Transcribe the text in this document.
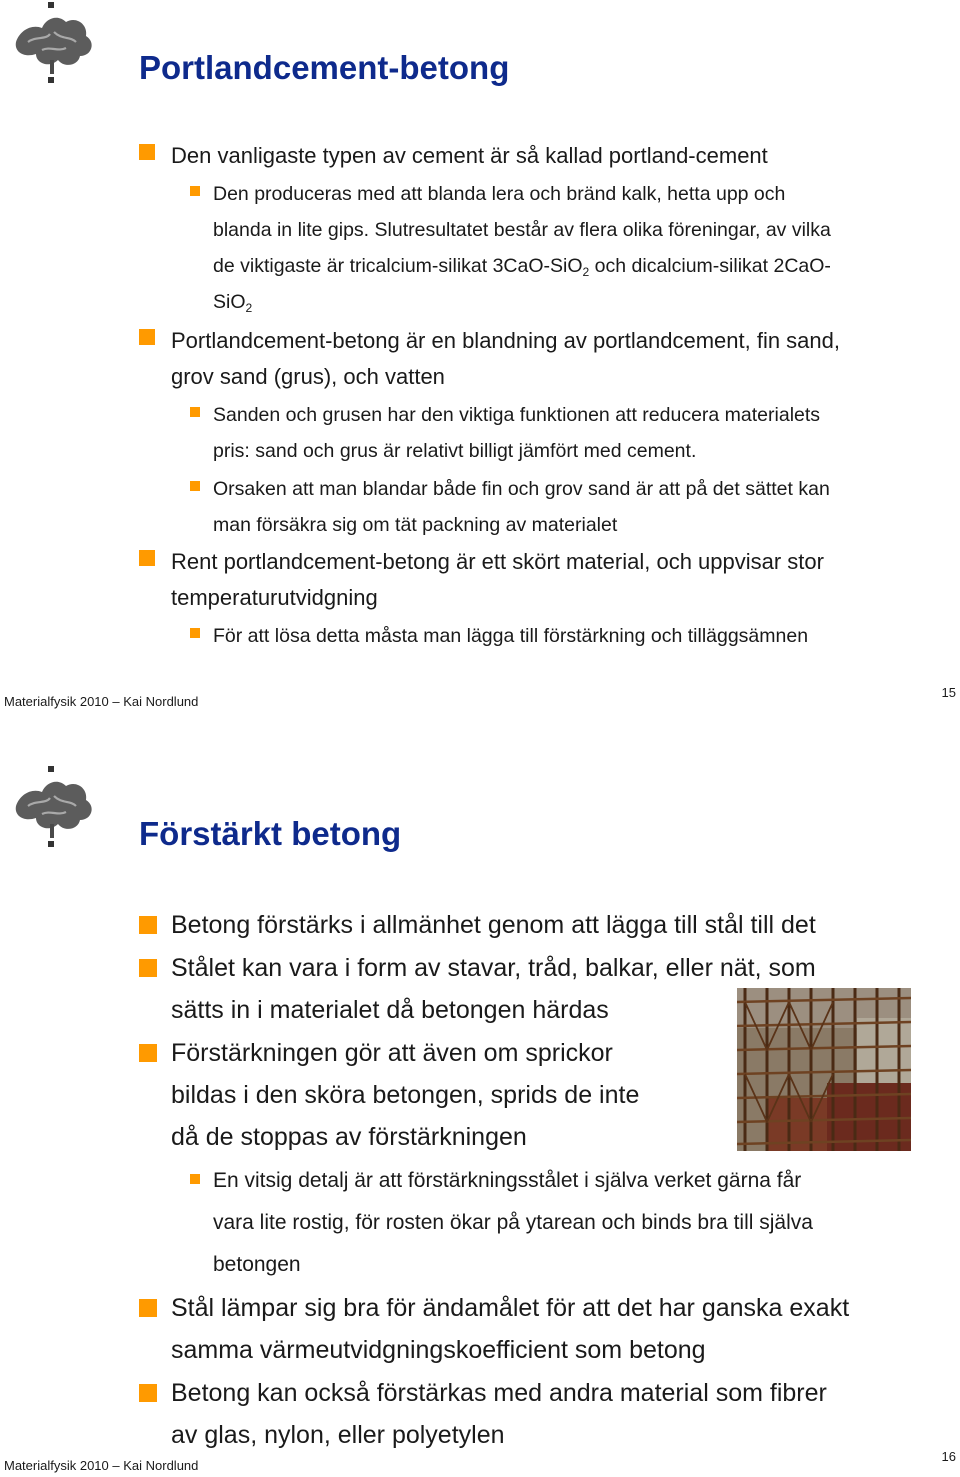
Portlandcement-betong
Den vanligaste typen av cement är så kallad portland-cement
Den produceras med att blanda lera och bränd kalk, hetta upp och
blanda in lite gips. Slutresultatet består av flera olika föreningar, av vilka
de viktigaste är tricalcium-silikat 3CaO-SiO$_2$ och dicalcium-silikat 2CaO-
SiO$_2$
Portlandcement-betong är en blandning av portlandcement, fin sand,
grov sand (grus), och vatten
Sanden och grusen har den viktiga funktionen att reducera materialets
pris: sand och grus är relativt billigt jämfört med cement.
Orsaken att man blandar både fin och grov sand är att på det sättet kan
man försäkra sig om tät packning av materialet
Rent portlandcement-betong är ett skört material, och uppvisar stor
temperaturutvidgning
För att lösa detta måsta man lägga till förstärkning och tilläggsämnen
Materialfysik 2010 – Kai Nordlund
15
Förstärkt betong
Betong förstärks i allmänhet genom att lägga till stål till det
Stålet kan vara i form av stavar, tråd, balkar, eller nät, som
sätts in i materialet då betongen härdas
Förstärkningen gör att även om sprickor
bildas i den sköra betongen, sprids de inte
då de stoppas av förstärkningen
En vitsig detalj är att förstärkningsstålet i själva verket gärna får
vara lite rostig, för rosten ökar på ytarean och binds bra till själva
betongen
Stål lämpar sig bra för ändamålet för att det har ganska exakt
samma värmeutvidgningskoefficient som betong
Betong kan också förstärkas med andra material som fibrer
av glas, nylon, eller polyetylen
Materialfysik 2010 – Kai Nordlund
16
